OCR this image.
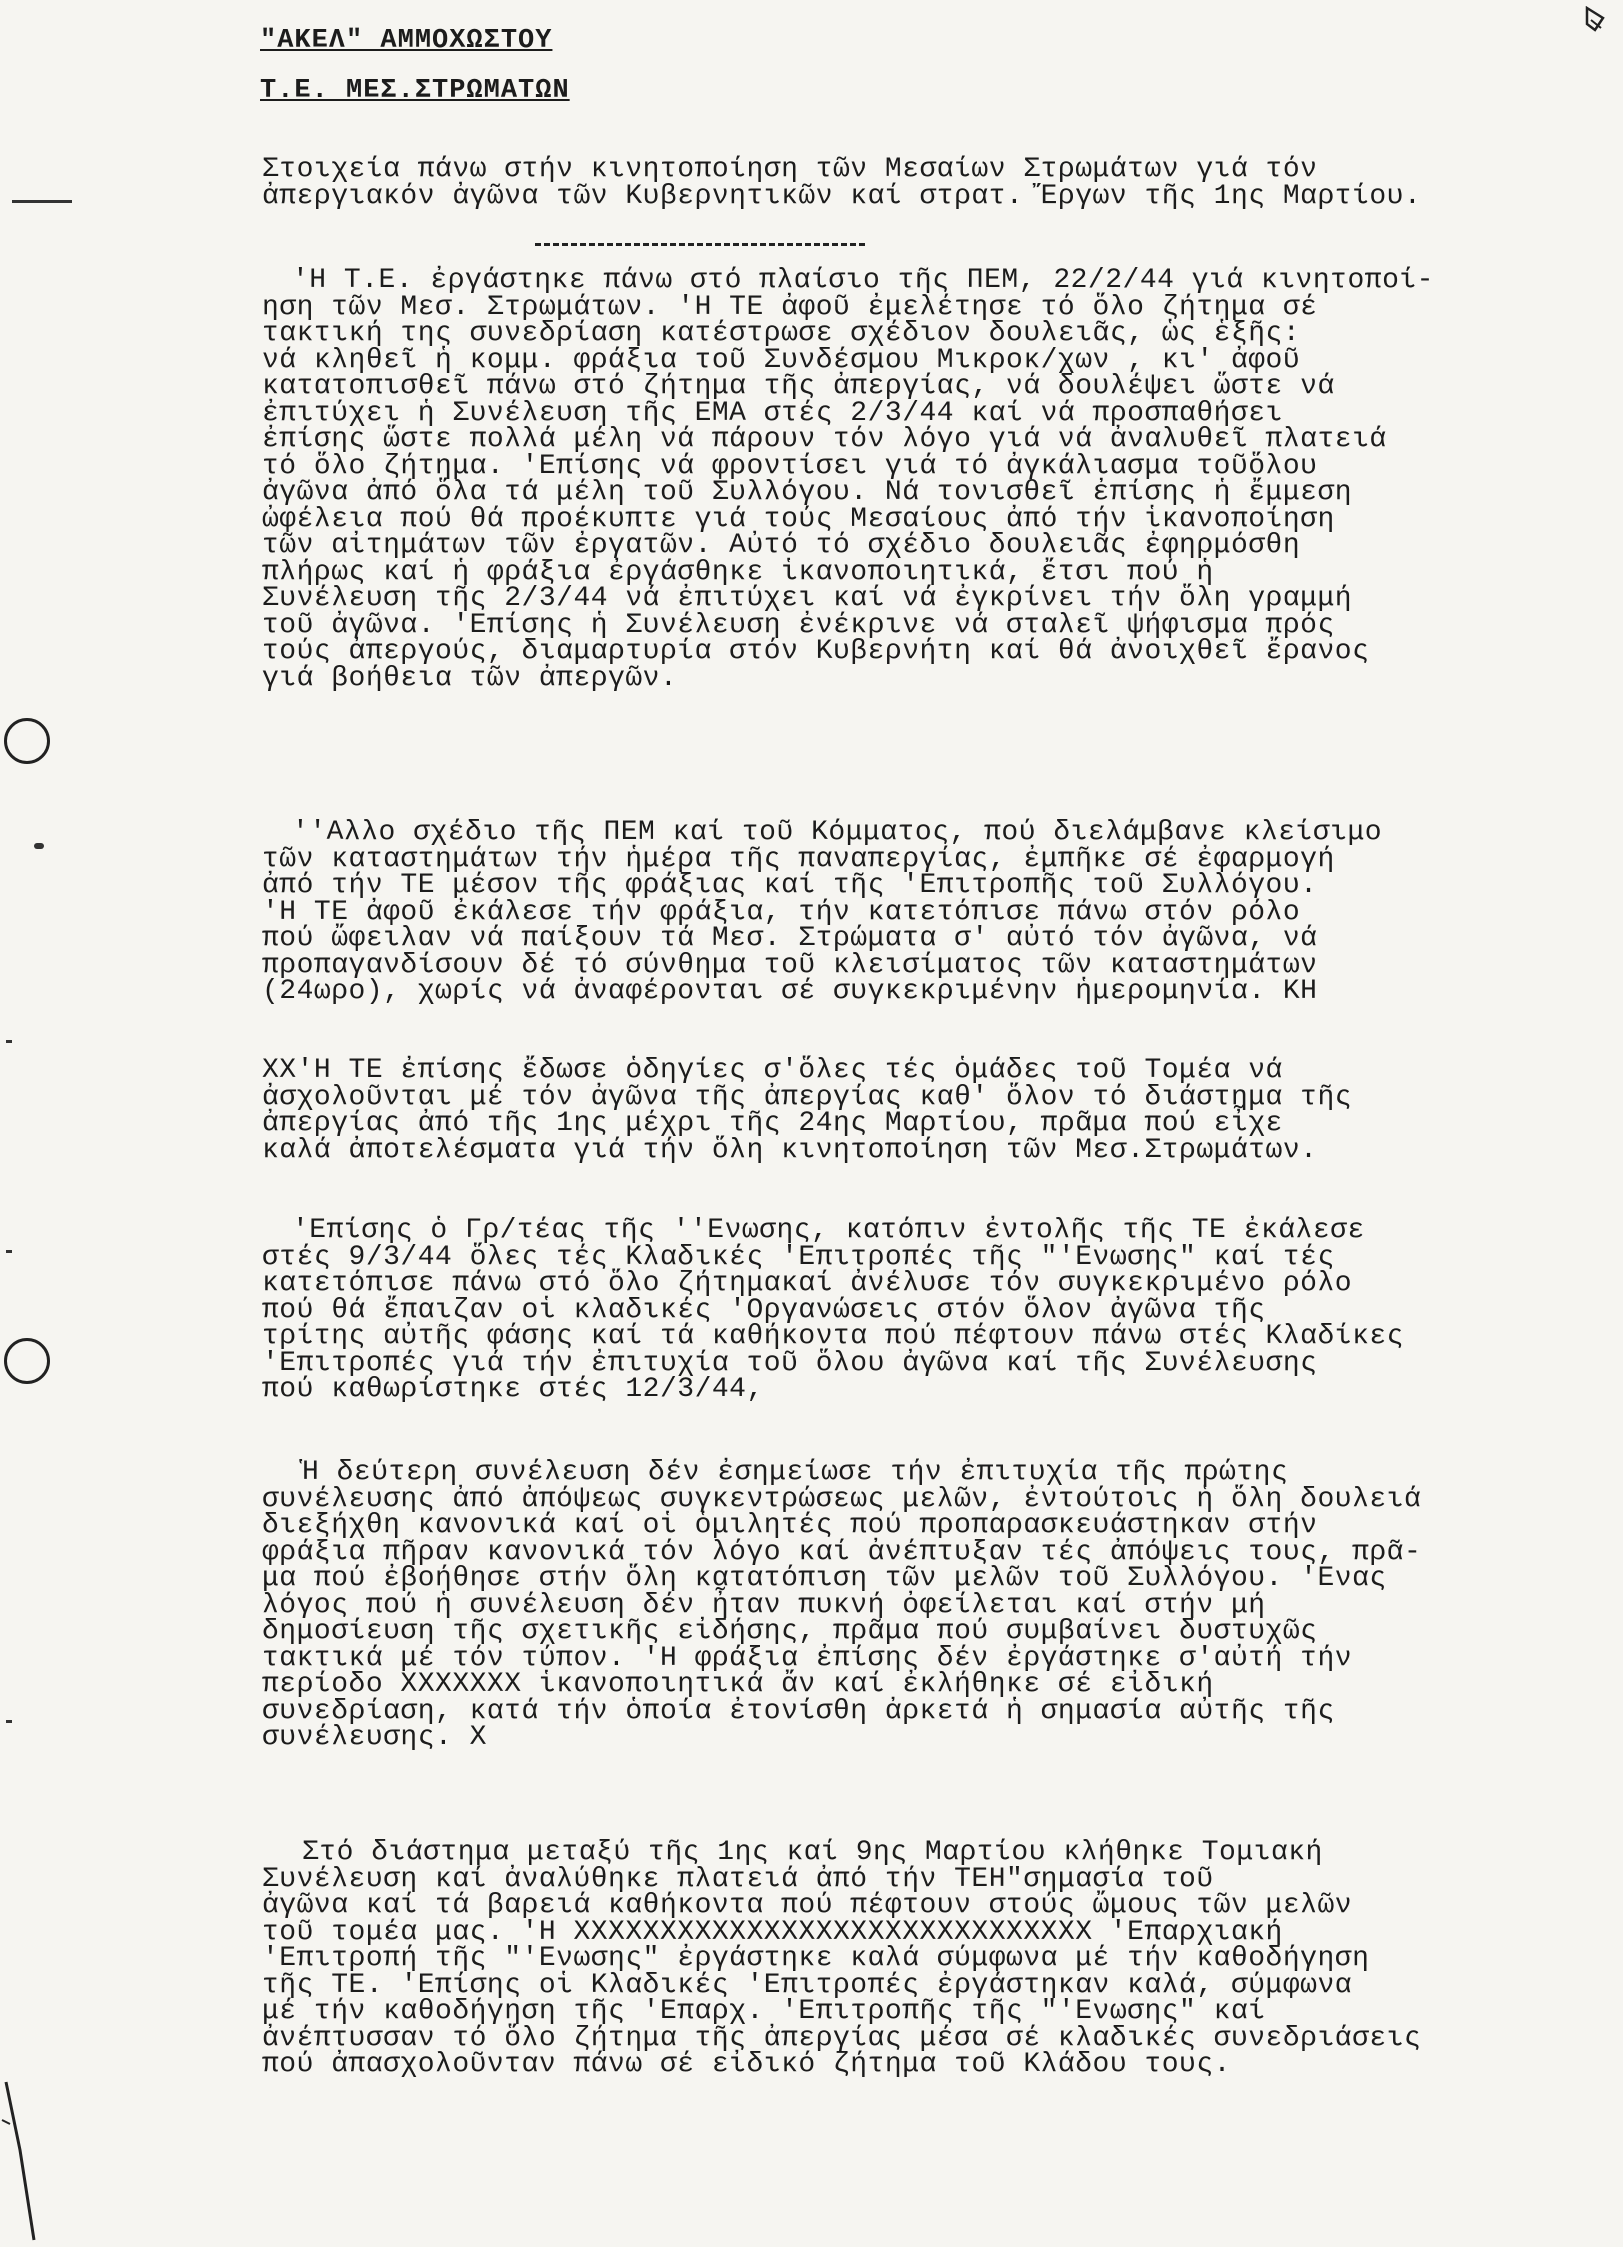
"ΑΚΕΛ" ΑΜΜΟΧΩΣΤΟΥ
Τ.Ε. ΜΕΣ.ΣΤΡΩΜΑΤΩΝ
Στοιχεία πάνω στήν κινητοποίηση τῶν Μεσαίων Στρωμάτων γιά τόν
ἀπεργιακόν ἀγῶνα τῶν Κυβερνητικῶν καί στρατ. Ἔργων τῆς 1ης Μαρτίου.
'Η Τ.Ε. ἐργάστηκε πάνω στό πλαίσιο τῆς ΠΕΜ, 22/2/44 γιά κινητοποί-
ηση τῶν Μεσ. Στρωμάτων. 'Η ΤΕ ἀφοῦ ἐμελέτησε τό ὅλο ζήτημα σέ
τακτική της συνεδρίαση κατέστρωσε σχέδιον δουλειᾶς, ὡς ἑξῆς:
νά κληθεῖ ἡ κομμ. φράξια τοῦ Συνδέσμου Μικροκ/χων , κι' ἀφοῦ
κατατοπισθεῖ πάνω στό ζήτημα τῆς ἀπεργίας, νά δουλέψει ὥστε νά
ἐπιτύχει ἡ Συνέλευση τῆς ΕΜΑ στές 2/3/44 καί νά προσπαθήσει
ἐπίσης ὥστε πολλά μέλη νά πάρουν τόν λόγο γιά νά ἀναλυθεῖ πλατειά
τό ὅλο ζήτημα. 'Επίσης νά φροντίσει γιά τό ἀγκάλιασμα τοῦὅλου
ἀγῶνα ἀπό ὅλα τά μέλη τοῦ Συλλόγου. Νά τονισθεῖ ἐπίσης ἡ ἔμμεση
ὠφέλεια πού θά προέκυπτε γιά τούς Μεσαίους ἀπό τήν ἱκανοποίηση
τῶν αἰτημάτων τῶν ἐργατῶν. Αὐτό τό σχέδιο δουλειᾶς ἐφηρμόσθη
πλήρως καί ἡ φράξια ἐργάσθηκε ἱκανοποιητικά, ἔτσι πού ἡ
Συνέλευση τῆς 2/3/44 νά ἐπιτύχει καί νά ἐγκρίνει τήν ὅλη γραμμή
τοῦ ἀγῶνα. 'Επίσης ἡ Συνέλευση ἐνέκρινε νά σταλεῖ ψήφισμα πρός
τούς ἀπεργούς, διαμαρτυρία στόν Κυβερνήτη καί θά ἀνοιχθεῖ ἔρανος
γιά βοήθεια τῶν ἀπεργῶν.
''Αλλο σχέδιο τῆς ΠΕΜ καί τοῦ Κόμματος, πού διελάμβανε κλείσιμο
τῶν καταστημάτων τήν ἡμέρα τῆς παναπεργίας, ἐμπῆκε σέ ἐφαρμογή
ἀπό τήν ΤΕ μέσον τῆς φράξιας καί τῆς 'Επιτροπῆς τοῦ Συλλόγου.
'Η ΤΕ ἀφοῦ ἐκάλεσε τήν φράξια, τήν κατετόπισε πάνω στόν ρόλο
πού ὤφειλαν νά παίξουν τά Μεσ. Στρώματα σ' αὐτό τόν ἀγῶνα, νά
προπαγανδίσουν δέ τό σύνθημα τοῦ κλεισίματος τῶν καταστημάτων
(24ωρο), χωρίς νά ἀναφέρονται σέ συγκεκριμένην ἡμερομηνία. ΚΗ
ΧΧ'Η ΤΕ ἐπίσης ἔδωσε ὁδηγίες σ'ὅλες τές ὁμάδες τοῦ Τομέα νά
ἀσχολοῦνται μέ τόν ἀγῶνα τῆς ἀπεργίας καθ' ὅλον τό διάστημα τῆς
ἀπεργίας ἀπό τῆς 1ης μέχρι τῆς 24ης Μαρτίου, πρᾶμα πού εἶχε
καλά ἀποτελέσματα γιά τήν ὅλη κινητοποίηση τῶν Μεσ.Στρωμάτων.
'Επίσης ὁ Γρ/τέας τῆς ''Ενωσης, κατόπιν ἐντολῆς τῆς ΤΕ ἐκάλεσε
στές 9/3/44 ὅλες τές Κλαδικές 'Επιτροπές τῆς "'Ενωσης" καί τές
κατετόπισε πάνω στό ὅλο ζήτημακαί ἀνέλυσε τόν συγκεκριμένο ρόλο
πού θά ἔπαιζαν οἱ κλαδικές 'Οργανώσεις στόν ὅλον ἀγῶνα τῆς
τρίτης αὐτῆς φάσης καί τά καθήκοντα πού πέφτουν πάνω στές Κλαδίκες
'Επιτροπές γιά τήν ἐπιτυχία τοῦ ὅλου ἀγῶνα καί τῆς Συνέλευσης
πού καθωρίστηκε στές 12/3/44,
Ἡ δεύτερη συνέλευση δέν ἐσημείωσε τήν ἐπιτυχία τῆς πρώτης
συνέλευσης ἀπό ἀπόψεως συγκεντρώσεως μελῶν, ἐντούτοις ἡ ὅλη δουλειά
διεξήχθη κανονικά καί οἱ ὁμιλητές πού προπαρασκευάστηκαν στήν
φράξια πῆραν κανονικά τόν λόγο καί ἀνέπτυξαν τές ἀπόψεις τους, πρᾶ-
μα πού ἐβοήθησε στήν ὅλη κατατόπιση τῶν μελῶν τοῦ Συλλόγου. 'Ενας
λόγος πού ἡ συνέλευση δέν ἦταν πυκνή ὀφείλεται καί στήν μή
δημοσίευση τῆς σχετικῆς εἰδήσης, πρᾶμα πού συμβαίνει δυστυχῶς
τακτικά μέ τόν τύπον. 'Η φράξια ἐπίσης δέν ἐργάστηκε σ'αὐτή τήν
περίοδο ΧΧΧΧΧΧΧ ἱκανοποιητικά ἄν καί ἐκλήθηκε σέ εἰδική
συνεδρίαση, κατά τήν ὁποία ἐτονίσθη ἀρκετά ἡ σημασία αὐτῆς τῆς
συνέλευσης. Χ
Στό διάστημα μεταξύ τῆς 1ης καί 9ης Μαρτίου κλήθηκε Τομιακή
Συνέλευση καί ἀναλύθηκε πλατειά ἀπό τήν ΤΕΗ"σημασία τοῦ
ἀγῶνα καί τά βαρειά καθήκοντα πού πέφτουν στούς ὤμους τῶν μελῶν
τοῦ τομέα μας. 'Η ΧΧΧΧΧΧΧΧΧΧΧΧΧΧΧΧΧΧΧΧΧΧΧΧΧΧΧΧΧΧ 'Επαρχιακή
'Επιτροπή τῆς "'Ενωσης" ἐργάστηκε καλά σύμφωνα μέ τήν καθοδήγηση
τῆς ΤΕ. 'Επίσης οἱ Κλαδικές 'Επιτροπές ἐργάστηκαν καλά, σύμφωνα
μέ τήν καθοδήγηση τῆς 'Επαρχ. 'Επιτροπῆς τῆς "'Ενωσης" καί
ἀνέπτυσσαν τό ὅλο ζήτημα τῆς ἀπεργίας μέσα σέ κλαδικές συνεδριάσεις
πού ἀπασχολοῦνταν πάνω σέ εἰδικό ζήτημα τοῦ Κλάδου τους.
